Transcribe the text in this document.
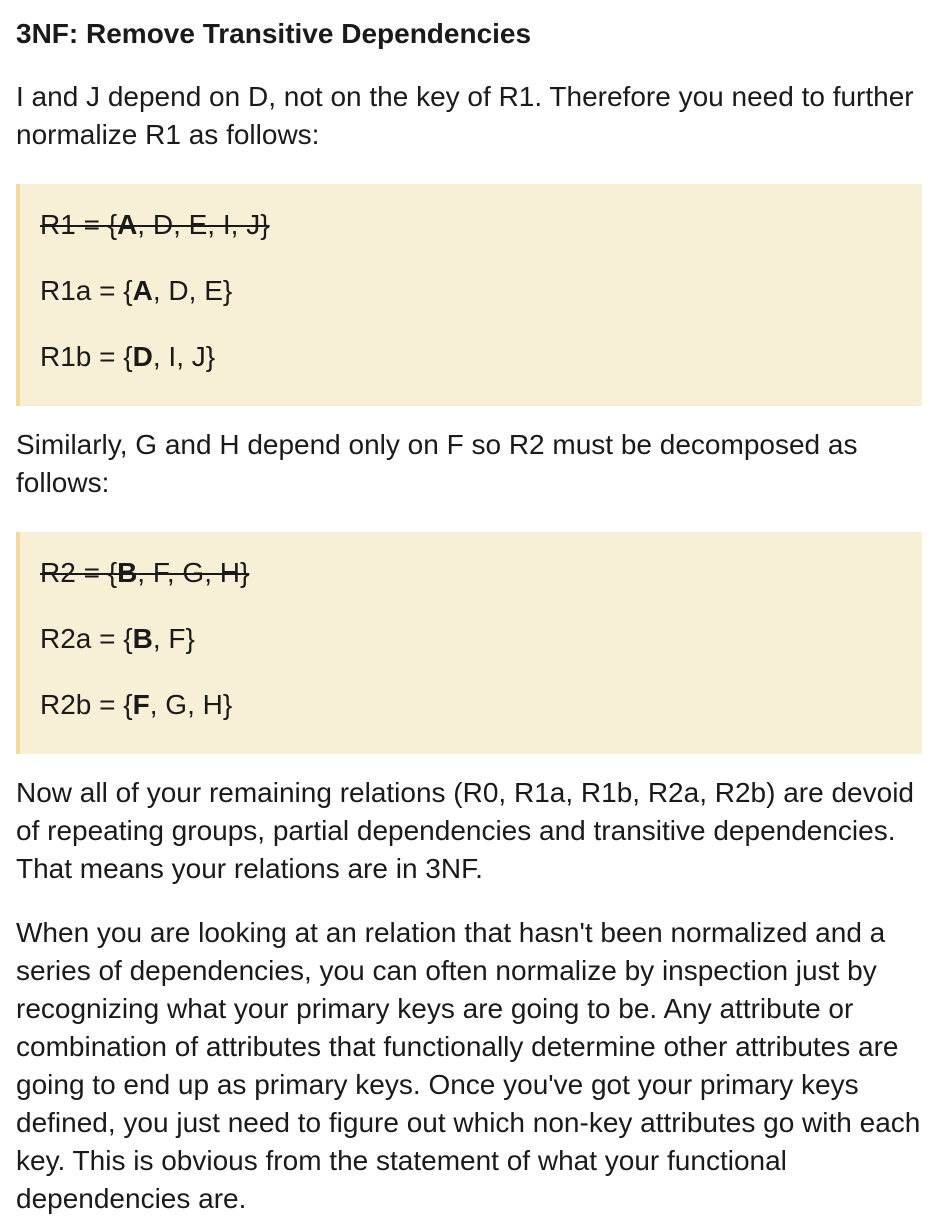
3NF: Remove Transitive Dependencies

I and J depend on D, not on the key of R1. Therefore you need to further normalize R1 as follows:

R1 = {A, D, E, I, J}

R1a = {A, D, E}

R1b = {D, I, J}

Similarly, G and H depend only on F so R2 must be decomposed as follows:

R2 = {B, F, G, H}

R2a = {B, F}

R2b = {F, G, H}

Now all of your remaining relations (R0, R1a, R1b, R2a, R2b) are devoid of repeating groups, partial dependencies and transitive dependencies. That means your relations are in 3NF.

When you are looking at an relation that hasn't been normalized and a series of dependencies, you can often normalize by inspection just by recognizing what your primary keys are going to be. Any attribute or combination of attributes that functionally determine other attributes are going to end up as primary keys. Once you've got your primary keys defined, you just need to figure out which non-key attributes go with each key. This is obvious from the statement of what your functional dependencies are.
